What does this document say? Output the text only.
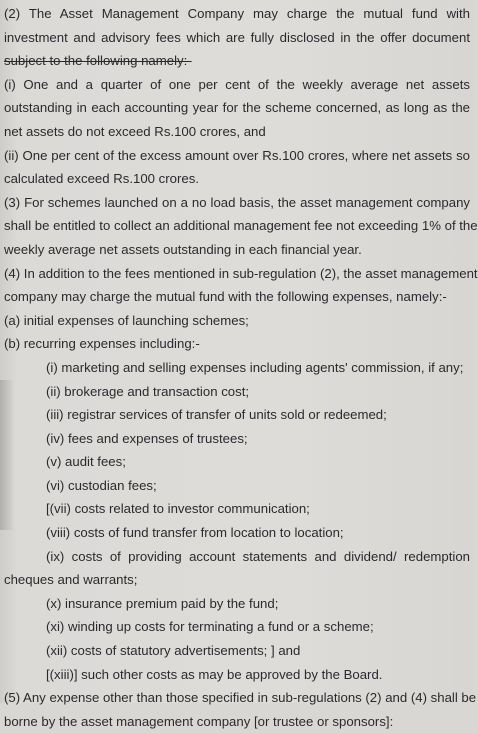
(2) The Asset Management Company may charge the mutual fund with
investment and advisory fees which are fully disclosed in the offer document
subject to the following namely:-
(i) One and a quarter of one per cent of the weekly average net assets
outstanding in each accounting year for the scheme concerned, as long as the
net assets do not exceed Rs.100 crores, and
(ii) One per cent of the excess amount over Rs.100 crores, where net assets so
calculated exceed Rs.100 crores.
(3) For schemes launched on a no load basis, the asset management company
shall be entitled to collect an additional management fee not exceeding 1% of the
weekly average net assets outstanding in each financial year.
(4) In addition to the fees mentioned in sub-regulation (2), the asset management
company may charge the mutual fund with the following expenses, namely:-
(a) initial expenses of launching schemes;
(b) recurring expenses including:-
(i) marketing and selling expenses including agents' commission, if any;
(ii) brokerage and transaction cost;
(iii) registrar services of transfer of units sold or redeemed;
(iv) fees and expenses of trustees;
(v) audit fees;
(vi) custodian fees;
[(vii) costs related to investor communication;
(viii) costs of fund transfer from location to location;
(ix) costs of providing account statements and dividend/ redemption
cheques and warrants;
(x) insurance premium paid by the fund;
(xi) winding up costs for terminating a fund or a scheme;
(xii) costs of statutory advertisements; ] and
[(xiii)] such other costs as may be approved by the Board.
(5) Any expense other than those specified in sub-regulations (2) and (4) shall be
borne by the asset management company [or trustee or sponsors]:
